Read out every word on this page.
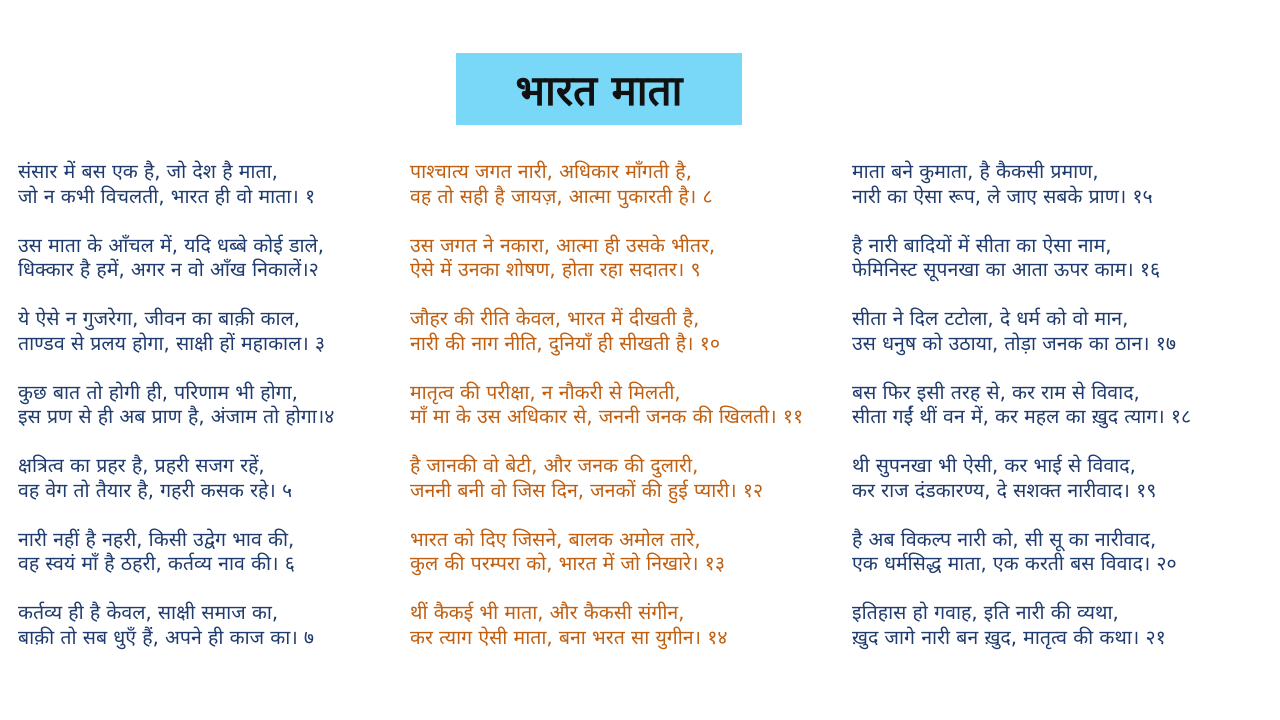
भारत माता
संसार में बस एक है, जो देश है माता,
जो न कभी विचलती, भारत ही वो माता। १
उस माता के आँचल में, यदि धब्बे कोई डाले,
धिक्कार है हमें, अगर न वो आँख निकालें।२
ये ऐसे न गुजरेगा, जीवन का बाक़ी काल,
ताण्डव से प्रलय होगा, साक्षी हों महाकाल। ३
कुछ बात तो होगी ही, परिणाम भी होगा,
इस प्रण से ही अब प्राण है, अंजाम तो होगा।४
क्षत्रित्व का प्रहर है, प्रहरी सजग रहें,
वह वेग तो तैयार है, गहरी कसक रहे। ५
नारी नहीं है नहरी, किसी उद्वेग भाव की,
वह स्वयं माँ है ठहरी, कर्तव्य नाव की। ६
कर्तव्य ही है केवल, साक्षी समाज का,
बाक़ी तो सब धुएँ हैं, अपने ही काज का। ७
पाश्चात्य जगत नारी, अधिकार माँगती है,
वह तो सही है जायज़, आत्मा पुकारती है। ८
उस जगत ने नकारा, आत्मा ही उसके भीतर,
ऐसे में उनका शोषण, होता रहा सदातर। ९
जौहर की रीति केवल, भारत में दीखती है,
नारी की नाग नीति, दुनियाँ ही सीखती है। १०
मातृत्व की परीक्षा, न नौकरी से मिलती,
माँ मा के उस अधिकार से, जननी जनक की खिलती। ११
है जानकी वो बेटी, और जनक की दुलारी,
जननी बनी वो जिस दिन, जनकों की हुई प्यारी। १२
भारत को दिए जिसने, बालक अमोल तारे,
कुल की परम्परा को, भारत में जो निखारे। १३
थीं कैकई भी माता, और कैकसी संगीन,
कर त्याग ऐसी माता, बना भरत सा युगीन। १४
माता बने कुमाता, है कैकसी प्रमाण,
नारी का ऐसा रूप, ले जाए सबके प्राण। १५
है नारी बादियों में सीता का ऐसा नाम,
फेमिनिस्ट सूपनखा का आता ऊपर काम। १६
सीता ने दिल टटोला, दे धर्म को वो मान,
उस धनुष को उठाया, तोड़ा जनक का ठान। १७
बस फिर इसी तरह से, कर राम से विवाद,
सीता गईं थीं वन में, कर महल का ख़ुद त्याग। १८
थी सुपनखा भी ऐसी, कर भाई से विवाद,
कर राज दंडकारण्य, दे सशक्त नारीवाद। १९
है अब विकल्प नारी को, सी सू का नारीवाद,
एक धर्मसिद्ध माता, एक करती बस विवाद। २०
इतिहास हो गवाह, इति नारी की व्यथा,
ख़ुद जागे नारी बन ख़ुद, मातृत्व की कथा। २१
